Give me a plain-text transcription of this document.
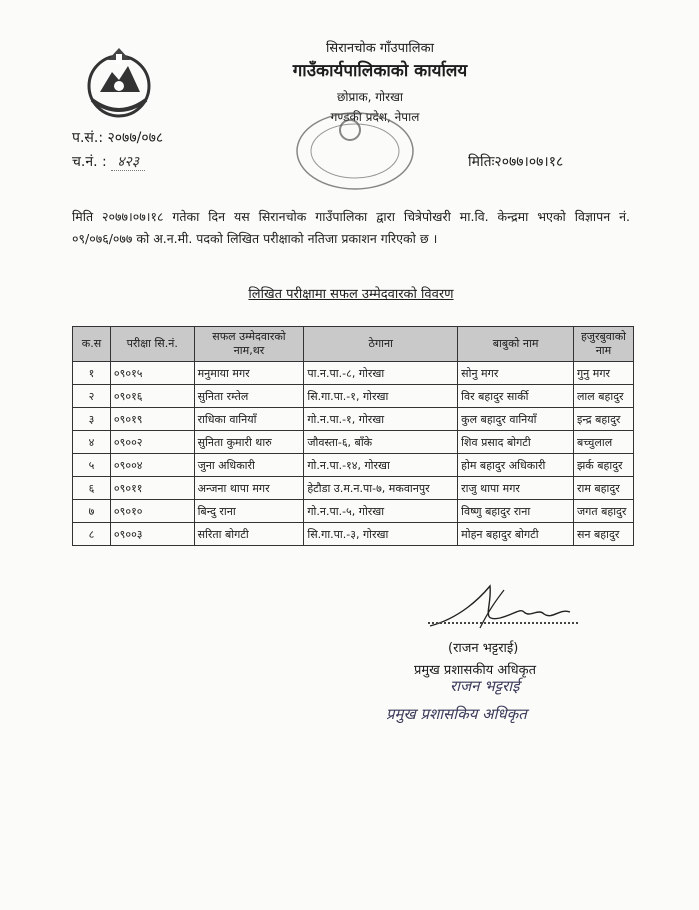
सिरानचोक गाँउपालिका
गाउँकार्यपालिकाको कार्यालय
छोप्राक, गोरखा
गण्डकी प्रदेश, नेपाल
प.सं.: २०७७/०७८
च.नं. : ४२३	मितिः२०७७।०७।१८
मिति २०७७।०७।१८ गतेका दिन यस सिरानचोक गाउँपालिका द्वारा चित्रेपोखरी मा.वि. केन्द्रमा भएको विज्ञापन नं. ०९/०७६/०७७ को अ.न.मी. पदको लिखित परीक्षाको नतिजा प्रकाशन गरिएको छ ।
लिखित परीक्षामा सफल उम्मेदवारको विवरण
क.स	परीक्षा सि.नं.	सफल उम्मेदवारको नाम,थर	ठेगाना	बाबुको नाम	हजुरबुवाको नाम
१	०९०१५	मनुमाया मगर	पा.न.पा.-८, गोरखा	सोनु मगर	गुनु मगर
२	०९०१६	सुनिता रम्तेल	सि.गा.पा.-१, गोरखा	विर बहादुर सार्की	लाल बहादुर
३	०९०१९	राधिका वानियाँ	गो.न.पा.-१, गोरखा	कुल बहादुर वानियाँ	इन्द्र बहादुर
४	०९००२	सुनिता कुमारी थारु	जौवस्ता-६, बाँके	शिव प्रसाद बोगटी	बच्चुलाल
५	०९००४	जुना अधिकारी	गो.न.पा.-१४, गोरखा	होम बहादुर अधिकारी	झर्क बहादुर
६	०९०११	अन्जना थापा मगर	हेटौडा उ.म.न.पा-७, मकवानपुर	राजु थापा मगर	राम बहादुर
७	०९०१०	बिन्दु राना	गो.न.पा.-५, गोरखा	विष्णु बहादुर राना	जगत बहादुर
८	०९००३	सरिता बोगटी	सि.गा.पा.-३, गोरखा	मोहन बहादुर बोगटी	सन बहादुर
(राजन भट्टराई)
प्रमुख प्रशासकीय अधिकृत
राजन भट्टराई
प्रमुख प्रशासकिय अधिकृत
